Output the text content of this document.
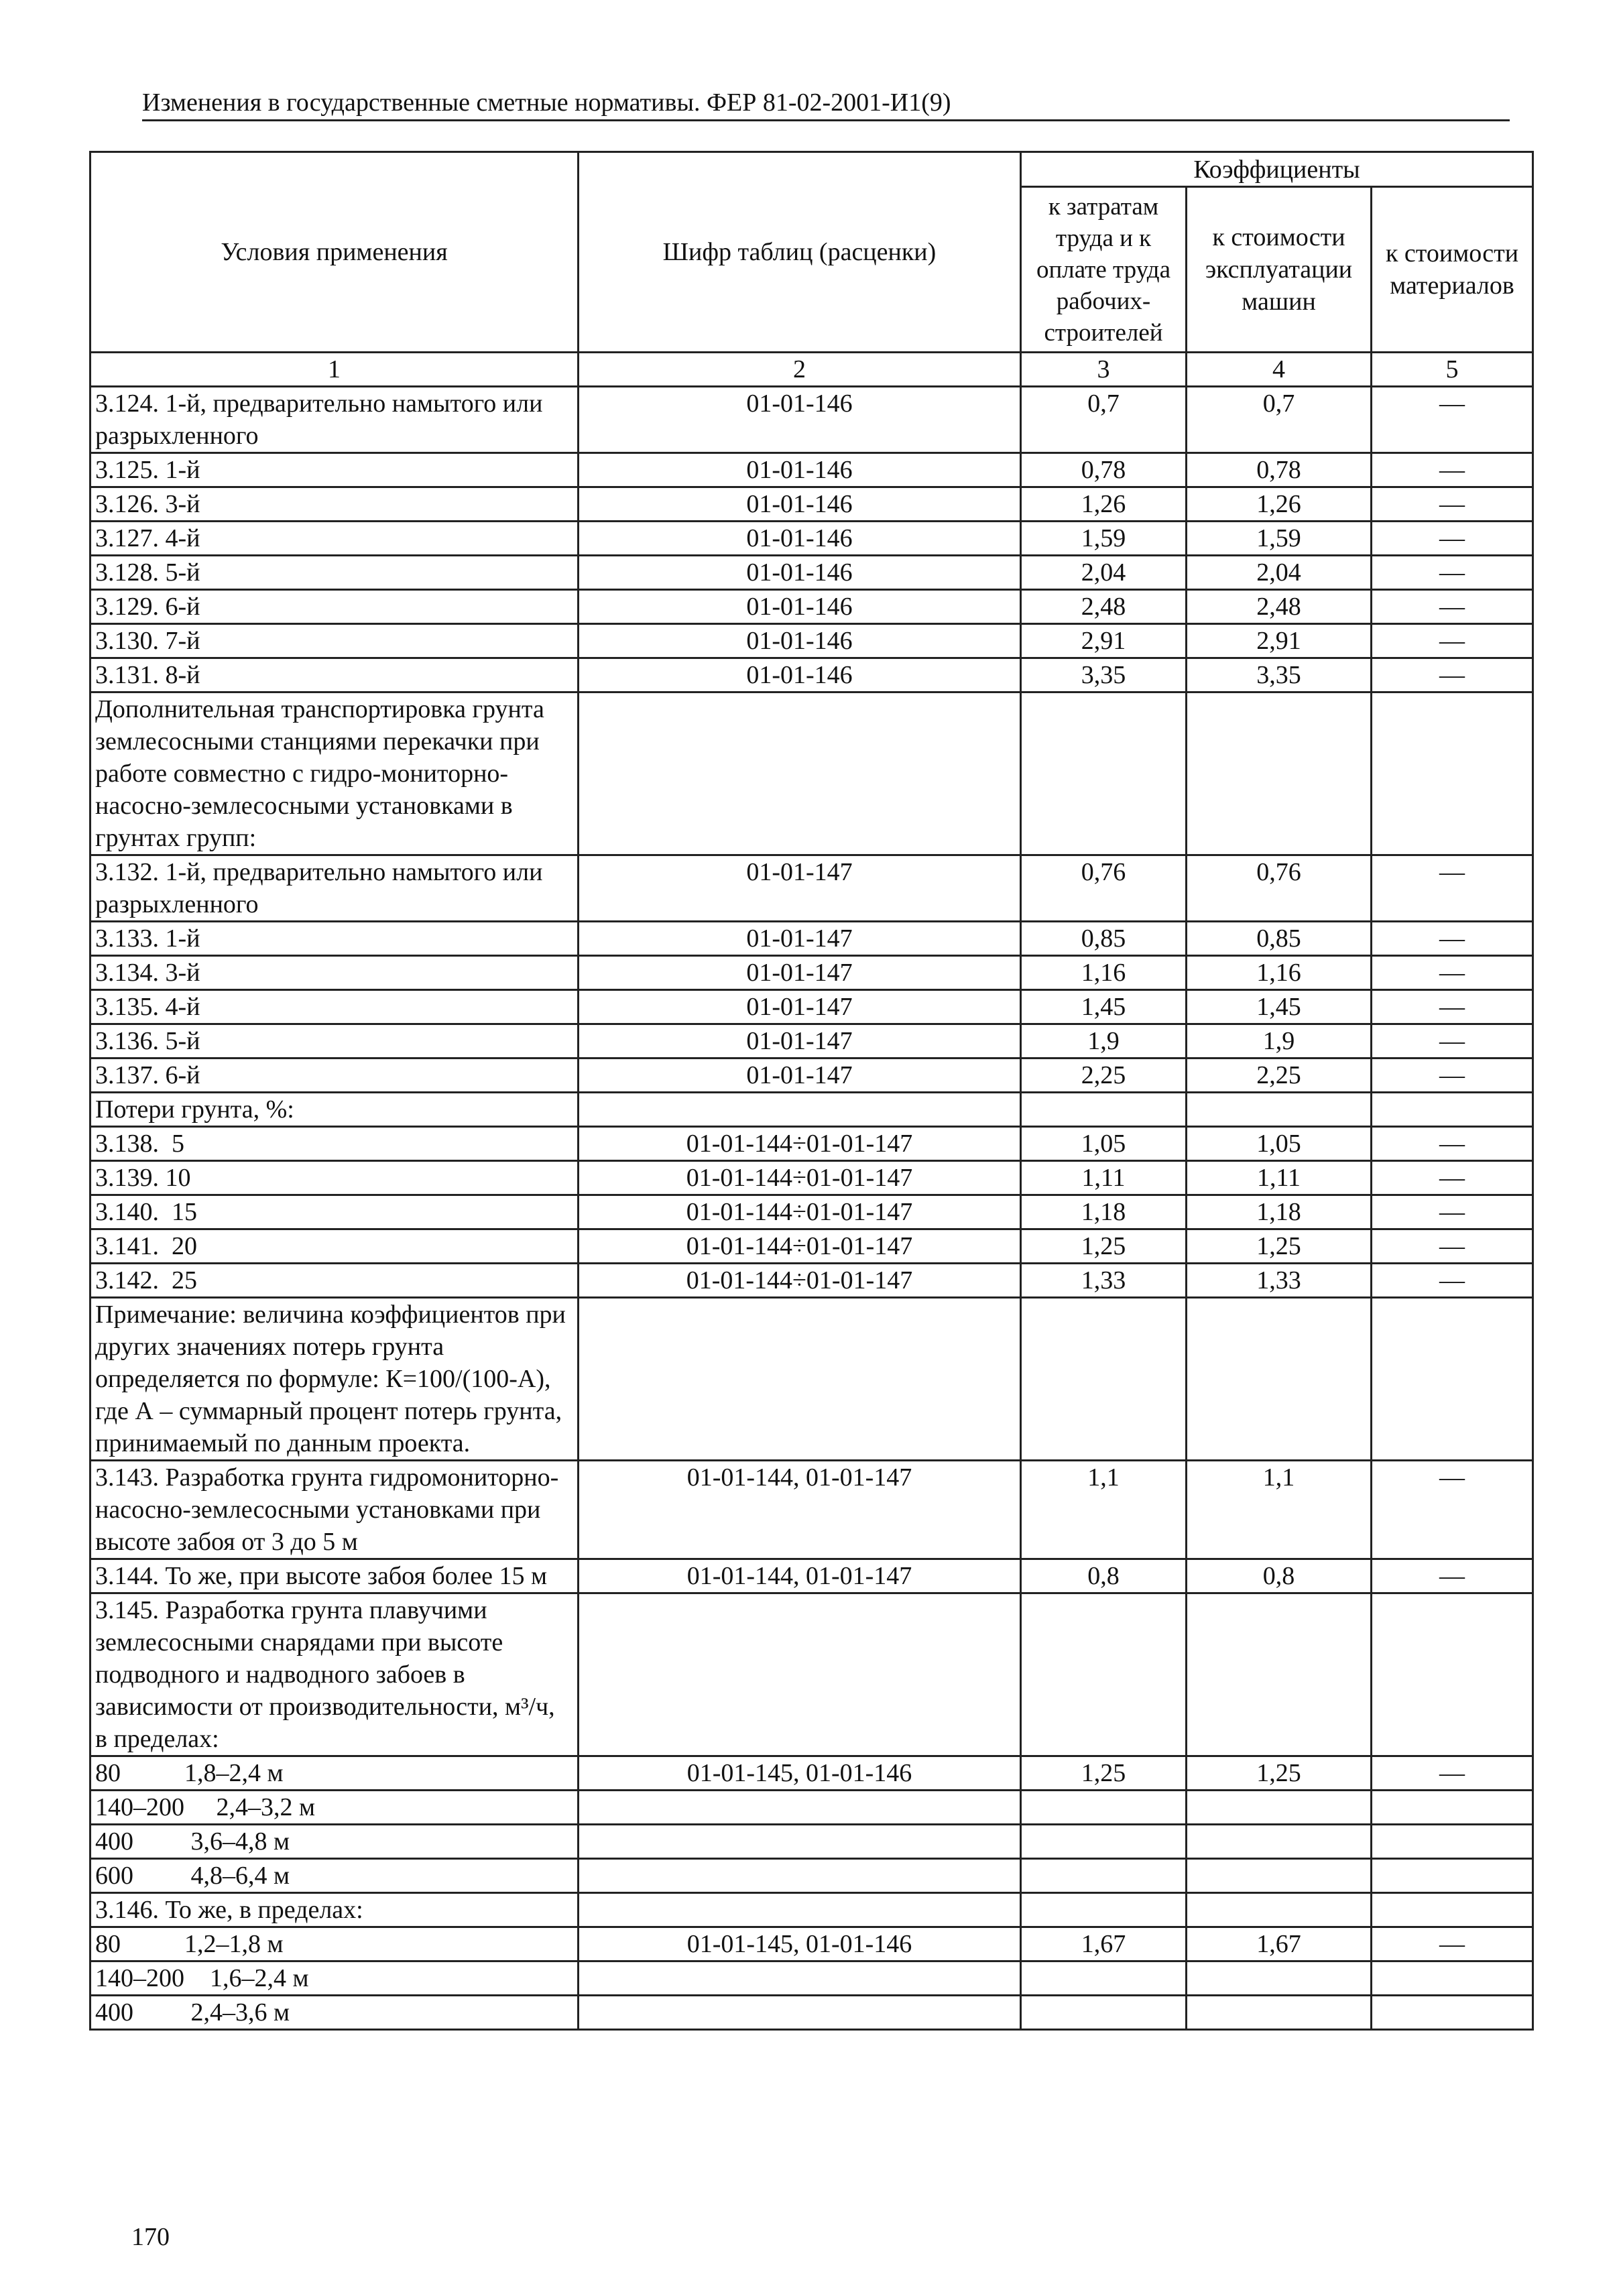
Изменения в государственные сметные нормативы. ФЕР 81-02-2001-И1(9)
Условия применения	Шифр таблиц (расценки)	Коэффициенты		
		к затратам труда и к оплате труда рабочих-строителей	к стоимости эксплуатации машин	к стоимости материалов
1	2	3	4	5
3.124. 1-й, предварительно намытого или разрыхленного	01-01-146	0,7	0,7	—
3.125. 1-й	01-01-146	0,78	0,78	—
3.126. 3-й	01-01-146	1,26	1,26	—
3.127. 4-й	01-01-146	1,59	1,59	—
3.128. 5-й	01-01-146	2,04	2,04	—
3.129. 6-й	01-01-146	2,48	2,48	—
3.130. 7-й	01-01-146	2,91	2,91	—
3.131. 8-й	01-01-146	3,35	3,35	—
Дополнительная транспортировка грунта землесосными станциями перекачки при работе совместно с гидро-мониторно-насосно-землесосными установками в грунтах групп:				
3.132. 1-й, предварительно намытого или разрыхленного	01-01-147	0,76	0,76	—
3.133. 1-й	01-01-147	0,85	0,85	—
3.134. 3-й	01-01-147	1,16	1,16	—
3.135. 4-й	01-01-147	1,45	1,45	—
3.136. 5-й	01-01-147	1,9	1,9	—
3.137. 6-й	01-01-147	2,25	2,25	—
Потери грунта, %:				
3.138.  5	01-01-144÷01-01-147	1,05	1,05	—
3.139. 10	01-01-144÷01-01-147	1,11	1,11	—
3.140.  15	01-01-144÷01-01-147	1,18	1,18	—
3.141.  20	01-01-144÷01-01-147	1,25	1,25	—
3.142.  25	01-01-144÷01-01-147	1,33	1,33	—
Примечание: величина коэффициентов при других значениях потерь грунта определяется по формуле: К=100/(100-А), где А – суммарный процент потерь грунта, принимаемый по данным проекта.				
3.143. Разработка грунта гидромониторно-насосно-землесосными установками при высоте забоя от 3 до 5 м	01-01-144, 01-01-147	1,1	1,1	—
3.144. То же, при высоте забоя более 15 м	01-01-144, 01-01-147	0,8	0,8	—
3.145. Разработка грунта плавучими землесосными снарядами при высоте подводного и надводного забоев в зависимости от производительности, м³/ч, в пределах:				
80          1,8–2,4 м	01-01-145, 01-01-146	1,25	1,25	—
140–200     2,4–3,2 м				
400         3,6–4,8 м				
600         4,8–6,4 м				
3.146. То же, в пределах:				
80          1,2–1,8 м	01-01-145, 01-01-146	1,67	1,67	—
140–200    1,6–2,4 м				
400         2,4–3,6 м				
170
